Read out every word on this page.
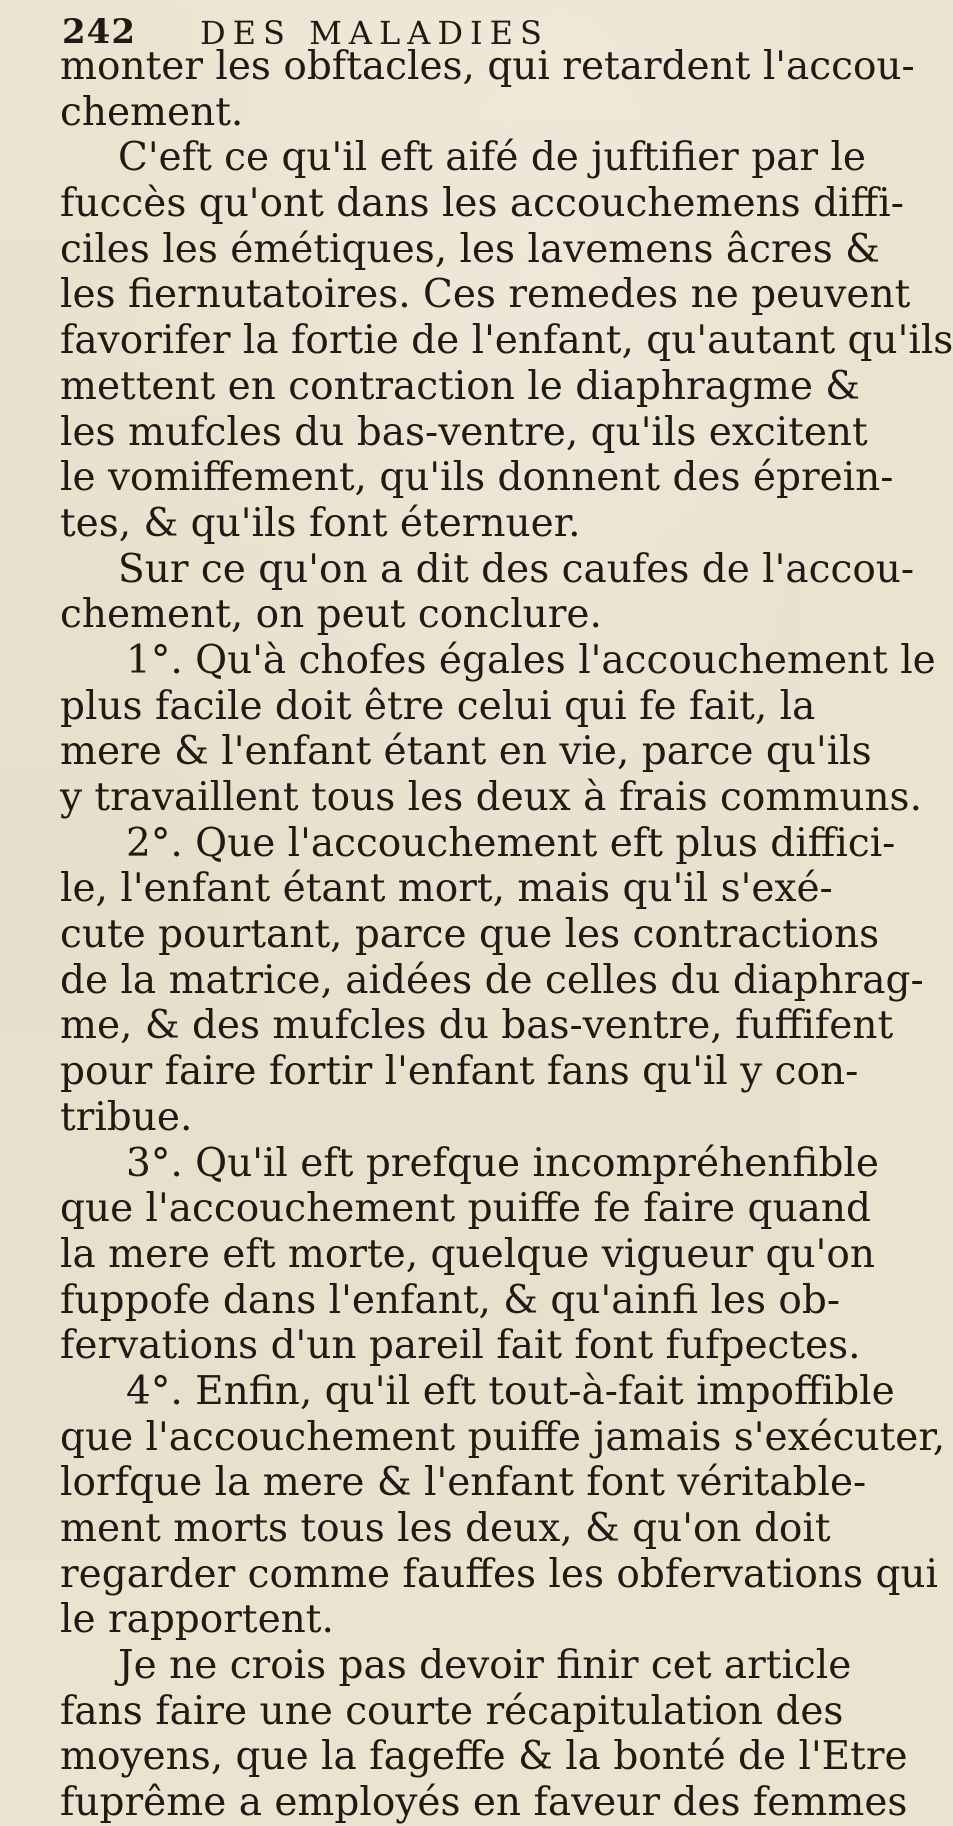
242 DES MALADIES
monter les obftacles, qui retardent l'accou-
chement.
C'eft ce qu'il eft aifé de juftifier par le
fuccès qu'ont dans les accouchemens diffi-
ciles les émétiques, les lavemens âcres &
les fiernutatoires. Ces remedes ne peuvent
favorifer la fortie de l'enfant, qu'autant qu'ils
mettent en contraction le diaphragme &
les mufcles du bas-ventre, qu'ils excitent
le vomiffement, qu'ils donnent des éprein-
tes, & qu'ils font éternuer.
Sur ce qu'on a dit des caufes de l'accou-
chement, on peut conclure.
1°. Qu'à chofes égales l'accouchement le
plus facile doit être celui qui fe fait, la
mere & l'enfant étant en vie, parce qu'ils
y travaillent tous les deux à frais communs.
2°. Que l'accouchement eft plus diffici-
le, l'enfant étant mort, mais qu'il s'exé-
cute pourtant, parce que les contractions
de la matrice, aidées de celles du diaphrag-
me, & des mufcles du bas-ventre, fuffifent
pour faire fortir l'enfant fans qu'il y con-
tribue.
3°. Qu'il eft prefque incompréhenfible
que l'accouchement puiffe fe faire quand
la mere eft morte, quelque vigueur qu'on
fuppofe dans l'enfant, & qu'ainfi les ob-
fervations d'un pareil fait font fufpectes.
4°. Enfin, qu'il eft tout-à-fait impoffible
que l'accouchement puiffe jamais s'exécuter,
lorfque la mere & l'enfant font véritable-
ment morts tous les deux, & qu'on doit
regarder comme fauffes les obfervations qui
le rapportent.
Je ne crois pas devoir finir cet article
fans faire une courte récapitulation des
moyens, que la fageffe & la bonté de l'Etre
fuprême a employés en faveur des femmes
